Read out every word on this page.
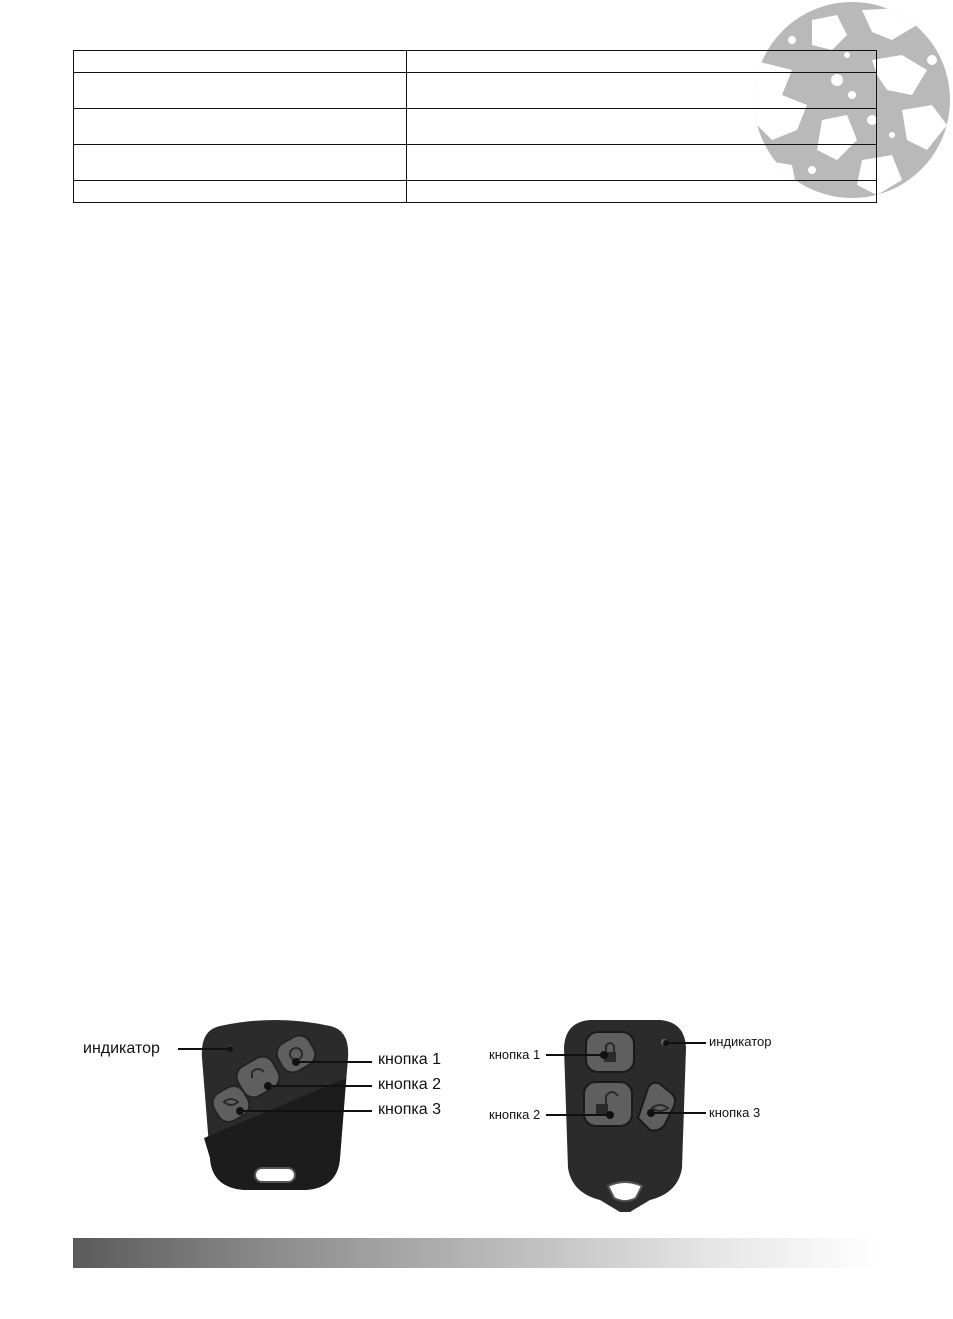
индикатор
кнопка 1
кнопка 2
кнопка 3
кнопка 1
кнопка 2
индикатор
кнопка 3
